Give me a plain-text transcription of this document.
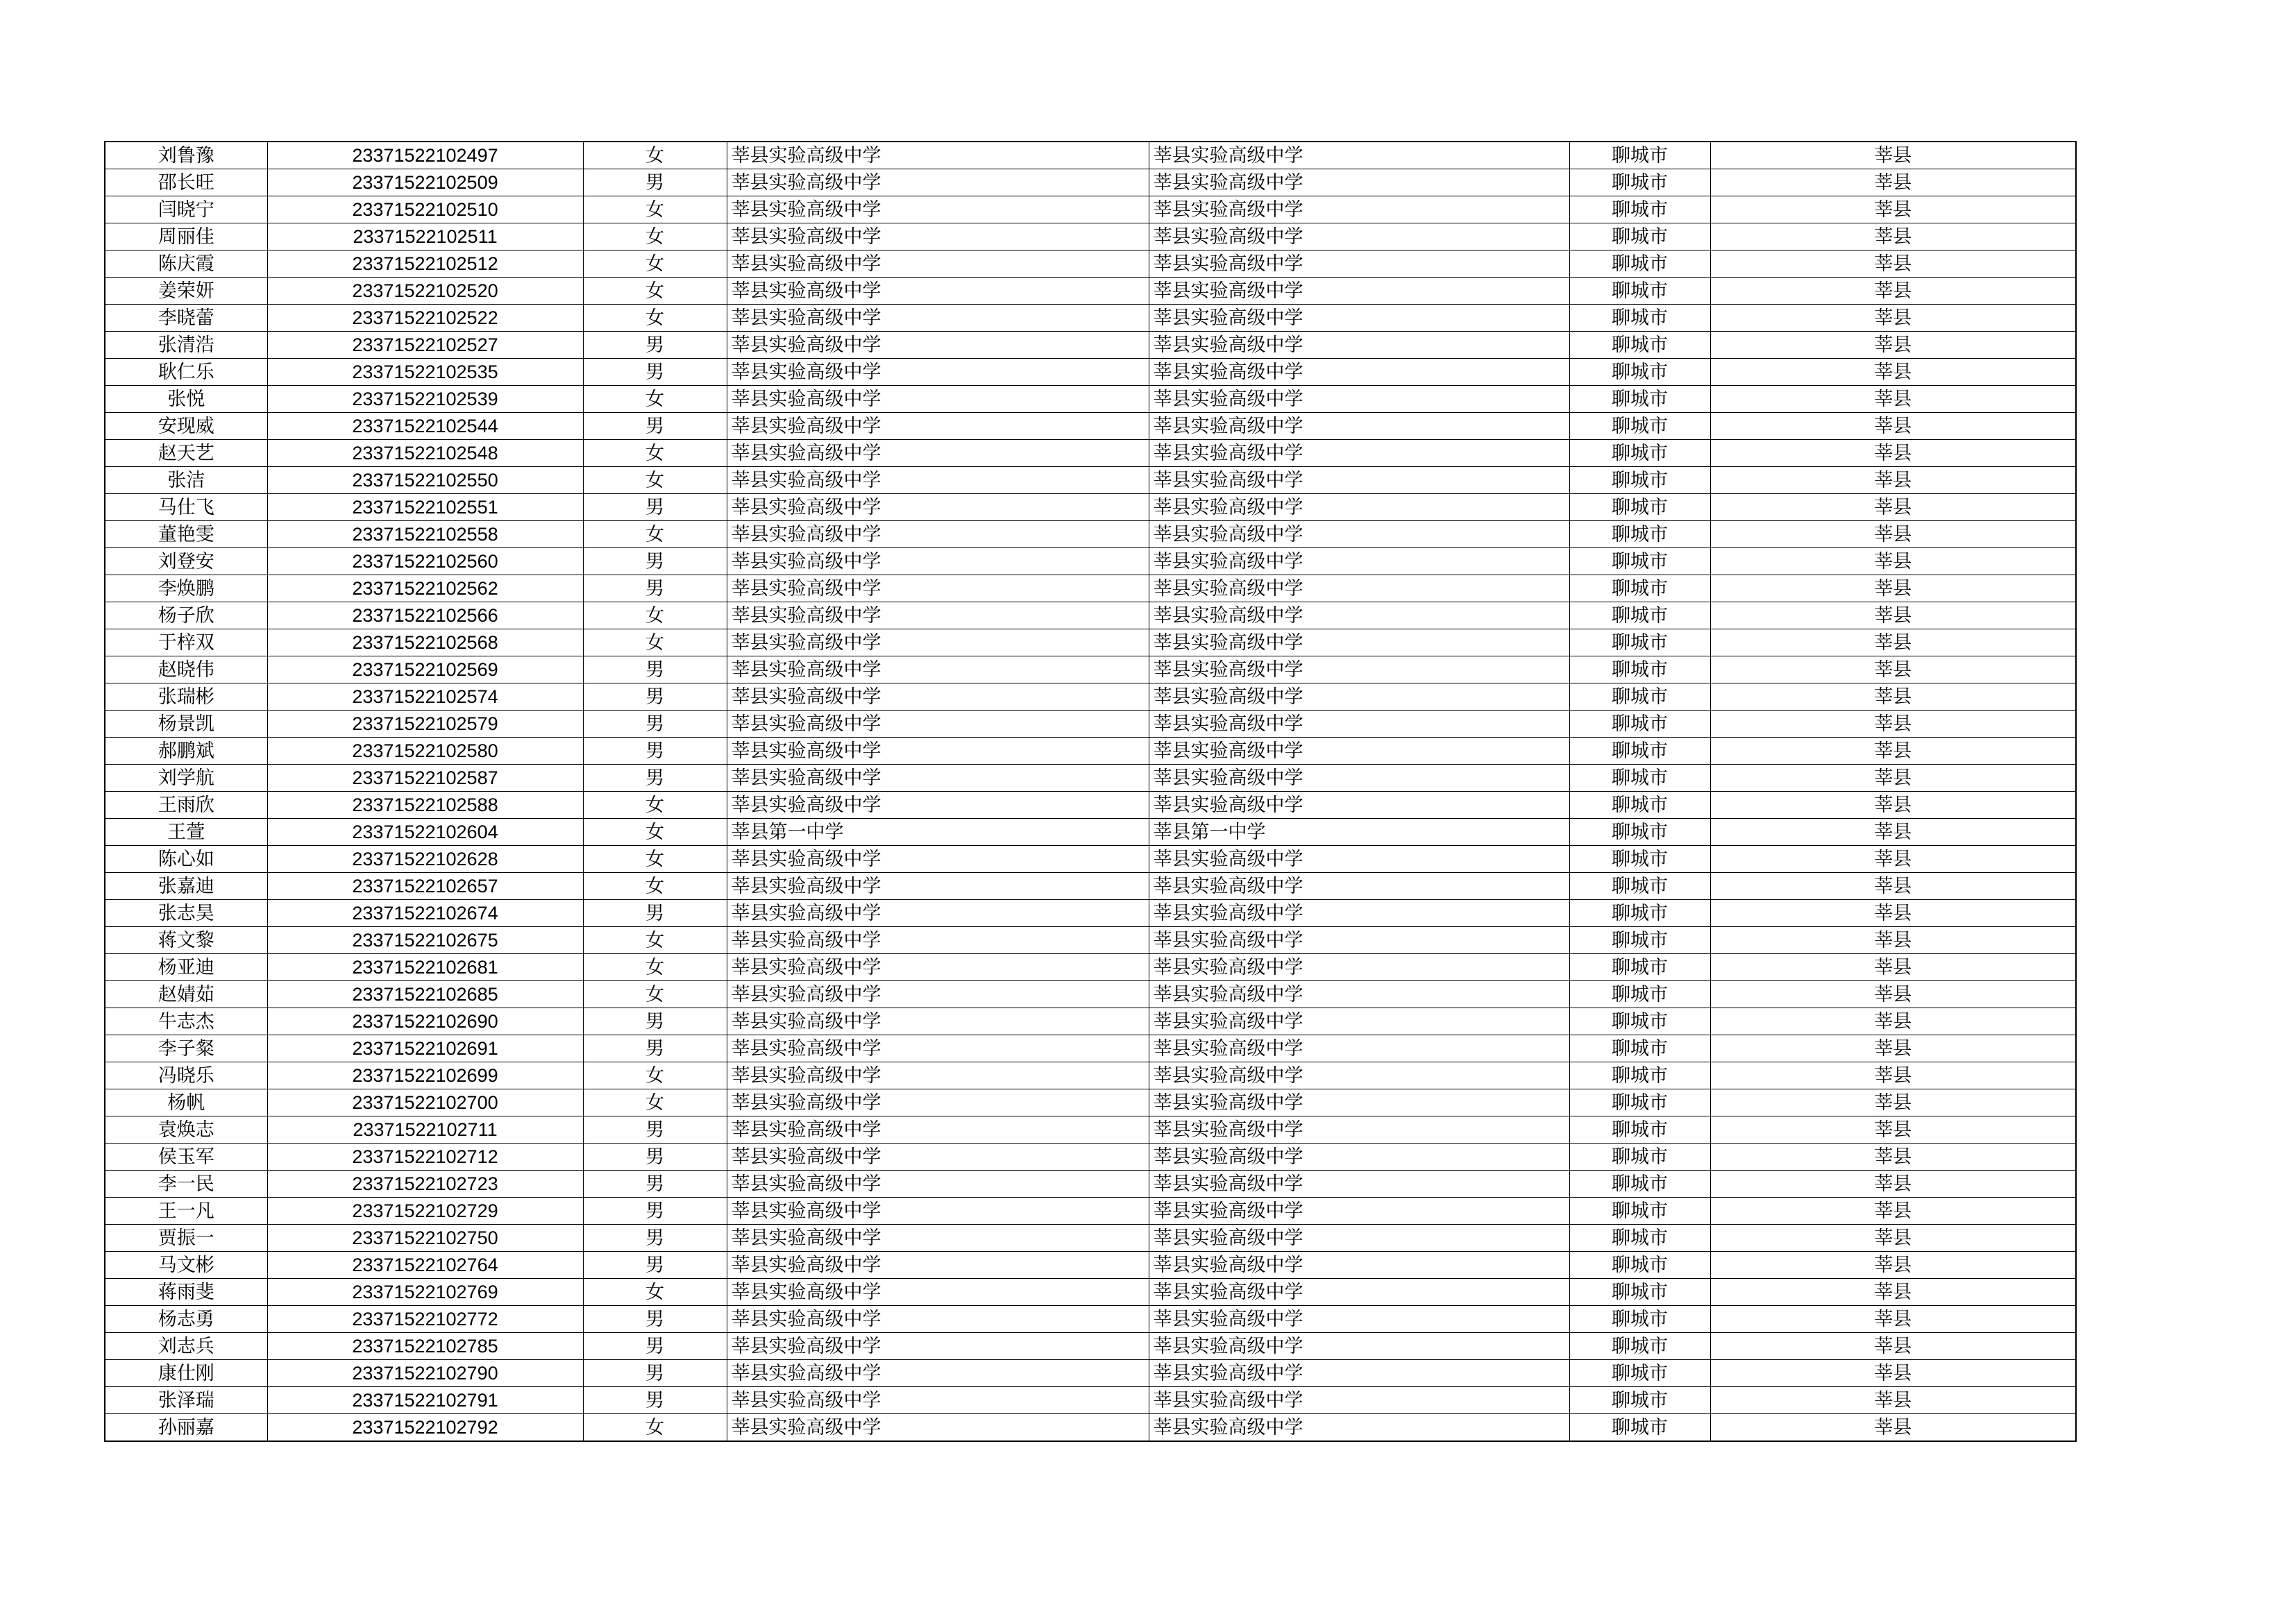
刘鲁豫	23371522102497	女	莘县实验高级中学	莘县实验高级中学	聊城市	莘县
邵长旺	23371522102509	男	莘县实验高级中学	莘县实验高级中学	聊城市	莘县
闫晓宁	23371522102510	女	莘县实验高级中学	莘县实验高级中学	聊城市	莘县
周丽佳	23371522102511	女	莘县实验高级中学	莘县实验高级中学	聊城市	莘县
陈庆霞	23371522102512	女	莘县实验高级中学	莘县实验高级中学	聊城市	莘县
姜荣妍	23371522102520	女	莘县实验高级中学	莘县实验高级中学	聊城市	莘县
李晓蕾	23371522102522	女	莘县实验高级中学	莘县实验高级中学	聊城市	莘县
张清浩	23371522102527	男	莘县实验高级中学	莘县实验高级中学	聊城市	莘县
耿仁乐	23371522102535	男	莘县实验高级中学	莘县实验高级中学	聊城市	莘县
张悦	23371522102539	女	莘县实验高级中学	莘县实验高级中学	聊城市	莘县
安现威	23371522102544	男	莘县实验高级中学	莘县实验高级中学	聊城市	莘县
赵天艺	23371522102548	女	莘县实验高级中学	莘县实验高级中学	聊城市	莘县
张洁	23371522102550	女	莘县实验高级中学	莘县实验高级中学	聊城市	莘县
马仕飞	23371522102551	男	莘县实验高级中学	莘县实验高级中学	聊城市	莘县
董艳雯	23371522102558	女	莘县实验高级中学	莘县实验高级中学	聊城市	莘县
刘登安	23371522102560	男	莘县实验高级中学	莘县实验高级中学	聊城市	莘县
李焕鹏	23371522102562	男	莘县实验高级中学	莘县实验高级中学	聊城市	莘县
杨子欣	23371522102566	女	莘县实验高级中学	莘县实验高级中学	聊城市	莘县
于梓双	23371522102568	女	莘县实验高级中学	莘县实验高级中学	聊城市	莘县
赵晓伟	23371522102569	男	莘县实验高级中学	莘县实验高级中学	聊城市	莘县
张瑞彬	23371522102574	男	莘县实验高级中学	莘县实验高级中学	聊城市	莘县
杨景凯	23371522102579	男	莘县实验高级中学	莘县实验高级中学	聊城市	莘县
郝鹏斌	23371522102580	男	莘县实验高级中学	莘县实验高级中学	聊城市	莘县
刘学航	23371522102587	男	莘县实验高级中学	莘县实验高级中学	聊城市	莘县
王雨欣	23371522102588	女	莘县实验高级中学	莘县实验高级中学	聊城市	莘县
王萱	23371522102604	女	莘县第一中学	莘县第一中学	聊城市	莘县
陈心如	23371522102628	女	莘县实验高级中学	莘县实验高级中学	聊城市	莘县
张嘉迪	23371522102657	女	莘县实验高级中学	莘县实验高级中学	聊城市	莘县
张志昊	23371522102674	男	莘县实验高级中学	莘县实验高级中学	聊城市	莘县
蒋文黎	23371522102675	女	莘县实验高级中学	莘县实验高级中学	聊城市	莘县
杨亚迪	23371522102681	女	莘县实验高级中学	莘县实验高级中学	聊城市	莘县
赵婧茹	23371522102685	女	莘县实验高级中学	莘县实验高级中学	聊城市	莘县
牛志杰	23371522102690	男	莘县实验高级中学	莘县实验高级中学	聊城市	莘县
李子粲	23371522102691	男	莘县实验高级中学	莘县实验高级中学	聊城市	莘县
冯晓乐	23371522102699	女	莘县实验高级中学	莘县实验高级中学	聊城市	莘县
杨帆	23371522102700	女	莘县实验高级中学	莘县实验高级中学	聊城市	莘县
袁焕志	23371522102711	男	莘县实验高级中学	莘县实验高级中学	聊城市	莘县
侯玉军	23371522102712	男	莘县实验高级中学	莘县实验高级中学	聊城市	莘县
李一民	23371522102723	男	莘县实验高级中学	莘县实验高级中学	聊城市	莘县
王一凡	23371522102729	男	莘县实验高级中学	莘县实验高级中学	聊城市	莘县
贾振一	23371522102750	男	莘县实验高级中学	莘县实验高级中学	聊城市	莘县
马文彬	23371522102764	男	莘县实验高级中学	莘县实验高级中学	聊城市	莘县
蒋雨斐	23371522102769	女	莘县实验高级中学	莘县实验高级中学	聊城市	莘县
杨志勇	23371522102772	男	莘县实验高级中学	莘县实验高级中学	聊城市	莘县
刘志兵	23371522102785	男	莘县实验高级中学	莘县实验高级中学	聊城市	莘县
康仕刚	23371522102790	男	莘县实验高级中学	莘县实验高级中学	聊城市	莘县
张泽瑞	23371522102791	男	莘县实验高级中学	莘县实验高级中学	聊城市	莘县
孙丽嘉	23371522102792	女	莘县实验高级中学	莘县实验高级中学	聊城市	莘县
